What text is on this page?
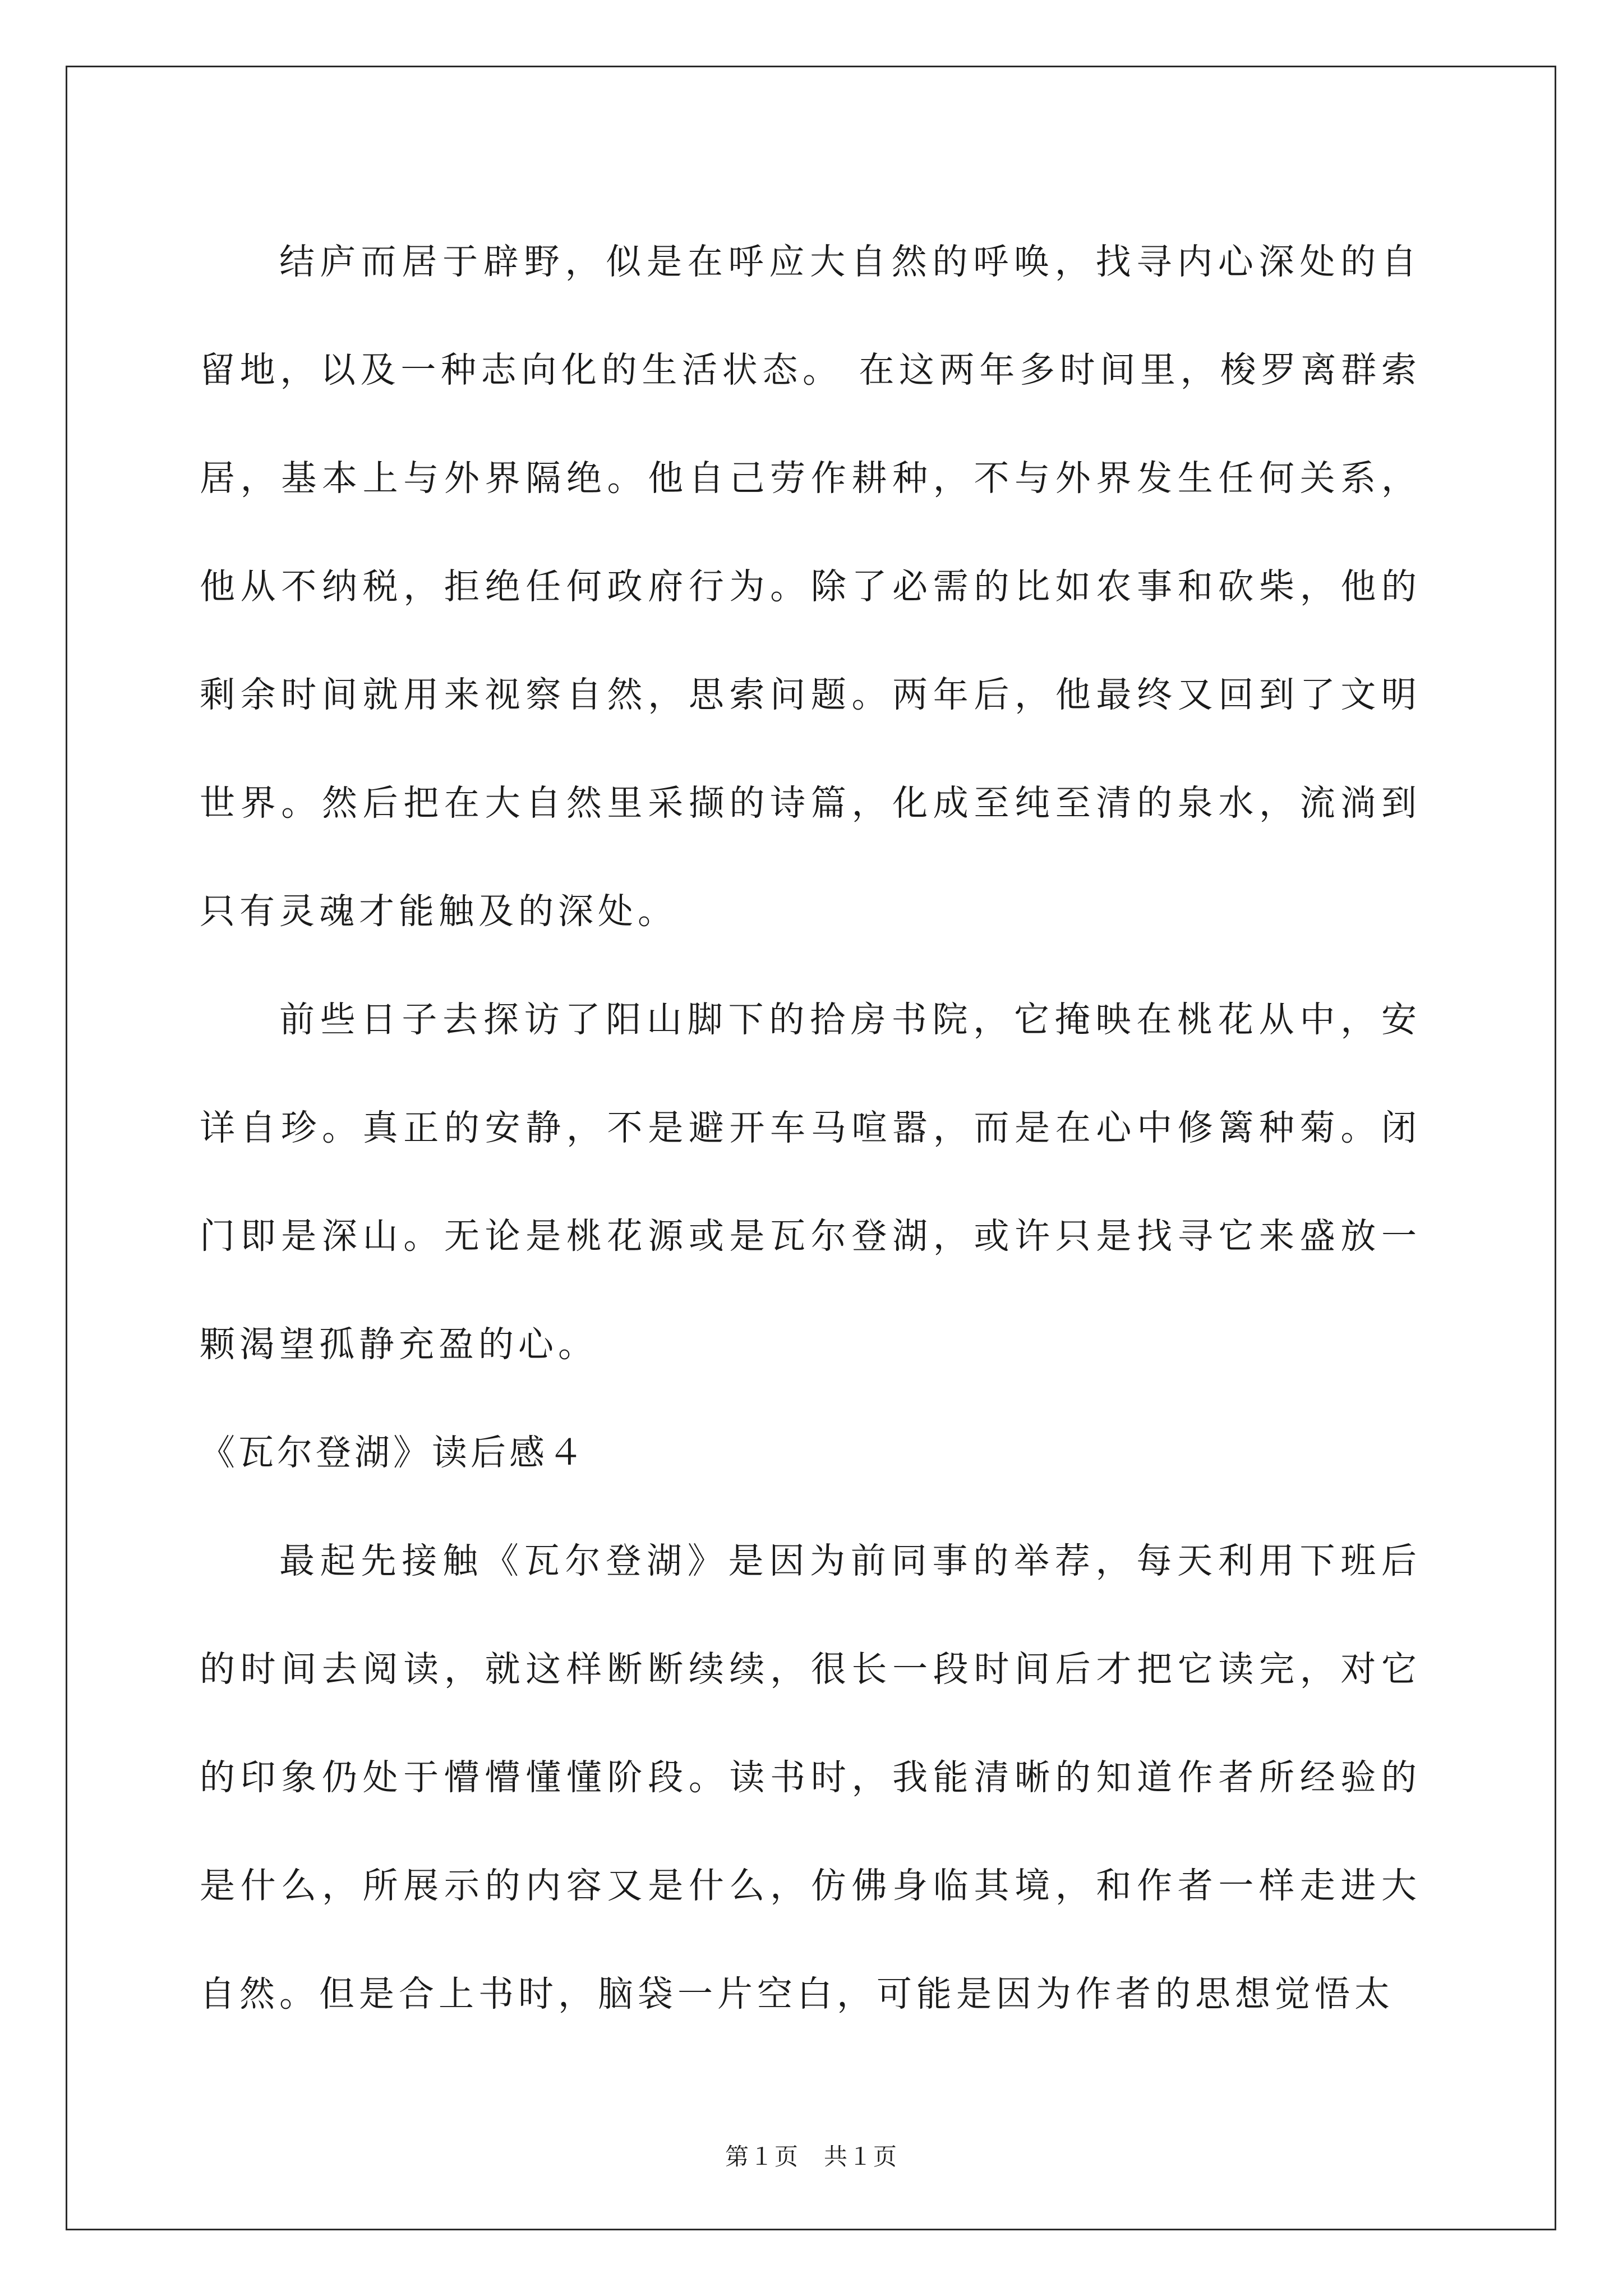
结庐而居于辟野，似是在呼应大自然的呼唤，找寻内心深处的自留地，以及一种志向化的生活状态。 在这两年多时间里，梭罗离群索居，基本上与外界隔绝。他自己劳作耕种，不与外界发生任何关系，他从不纳税，拒绝任何政府行为。除了必需的比如农事和砍柴，他的剩余时间就用来视察自然，思索问题。两年后，他最终又回到了文明世界。然后把在大自然里采撷的诗篇，化成至纯至清的泉水，流淌到只有灵魂才能触及的深处。

前些日子去探访了阳山脚下的拾房书院，它掩映在桃花从中，安详自珍。真正的安静，不是避开车马喧嚣，而是在心中修篱种菊。闭门即是深山。无论是桃花源或是瓦尔登湖，或许只是找寻它来盛放一颗渴望孤静充盈的心。

《瓦尔登湖》读后感４

最起先接触《瓦尔登湖》是因为前同事的举荐，每天利用下班后的时间去阅读，就这样断断续续，很长一段时间后才把它读完，对它的印象仍处于懵懵懂懂阶段。读书时，我能清晰的知道作者所经验的是什么，所展示的内容又是什么，仿佛身临其境，和作者一样走进大自然。但是合上书时，脑袋一片空白，可能是因为作者的思想觉悟太

第１页 共１页
